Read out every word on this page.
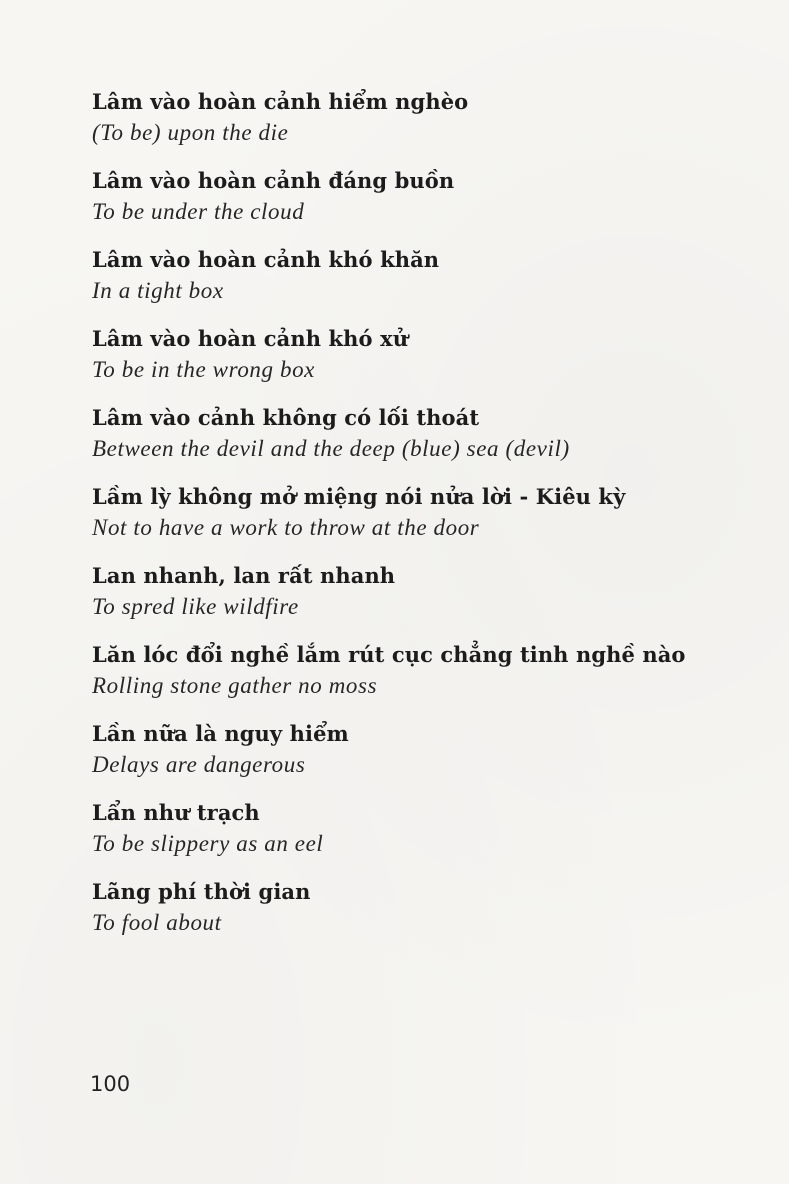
Lâm vào hoàn cảnh hiểm nghèo
(To be) upon the die
Lâm vào hoàn cảnh đáng buồn
To be under the cloud
Lâm vào hoàn cảnh khó khăn
In a tight box
Lâm vào hoàn cảnh khó xử
To be in the wrong box
Lâm vào cảnh không có lối thoát
Between the devil and the deep (blue) sea (devil)
Lầm lỳ không mở miệng nói nửa lời - Kiêu kỳ
Not to have a work to throw at the door
Lan nhanh, lan rất nhanh
To spred like wildfire
Lăn lóc đổi nghề lắm rút cục chẳng tinh nghề nào
Rolling stone gather no moss
Lần nữa là nguy hiểm
Delays are dangerous
Lẩn như trạch
To be slippery as an eel
Lãng phí thời gian
To fool about
100
